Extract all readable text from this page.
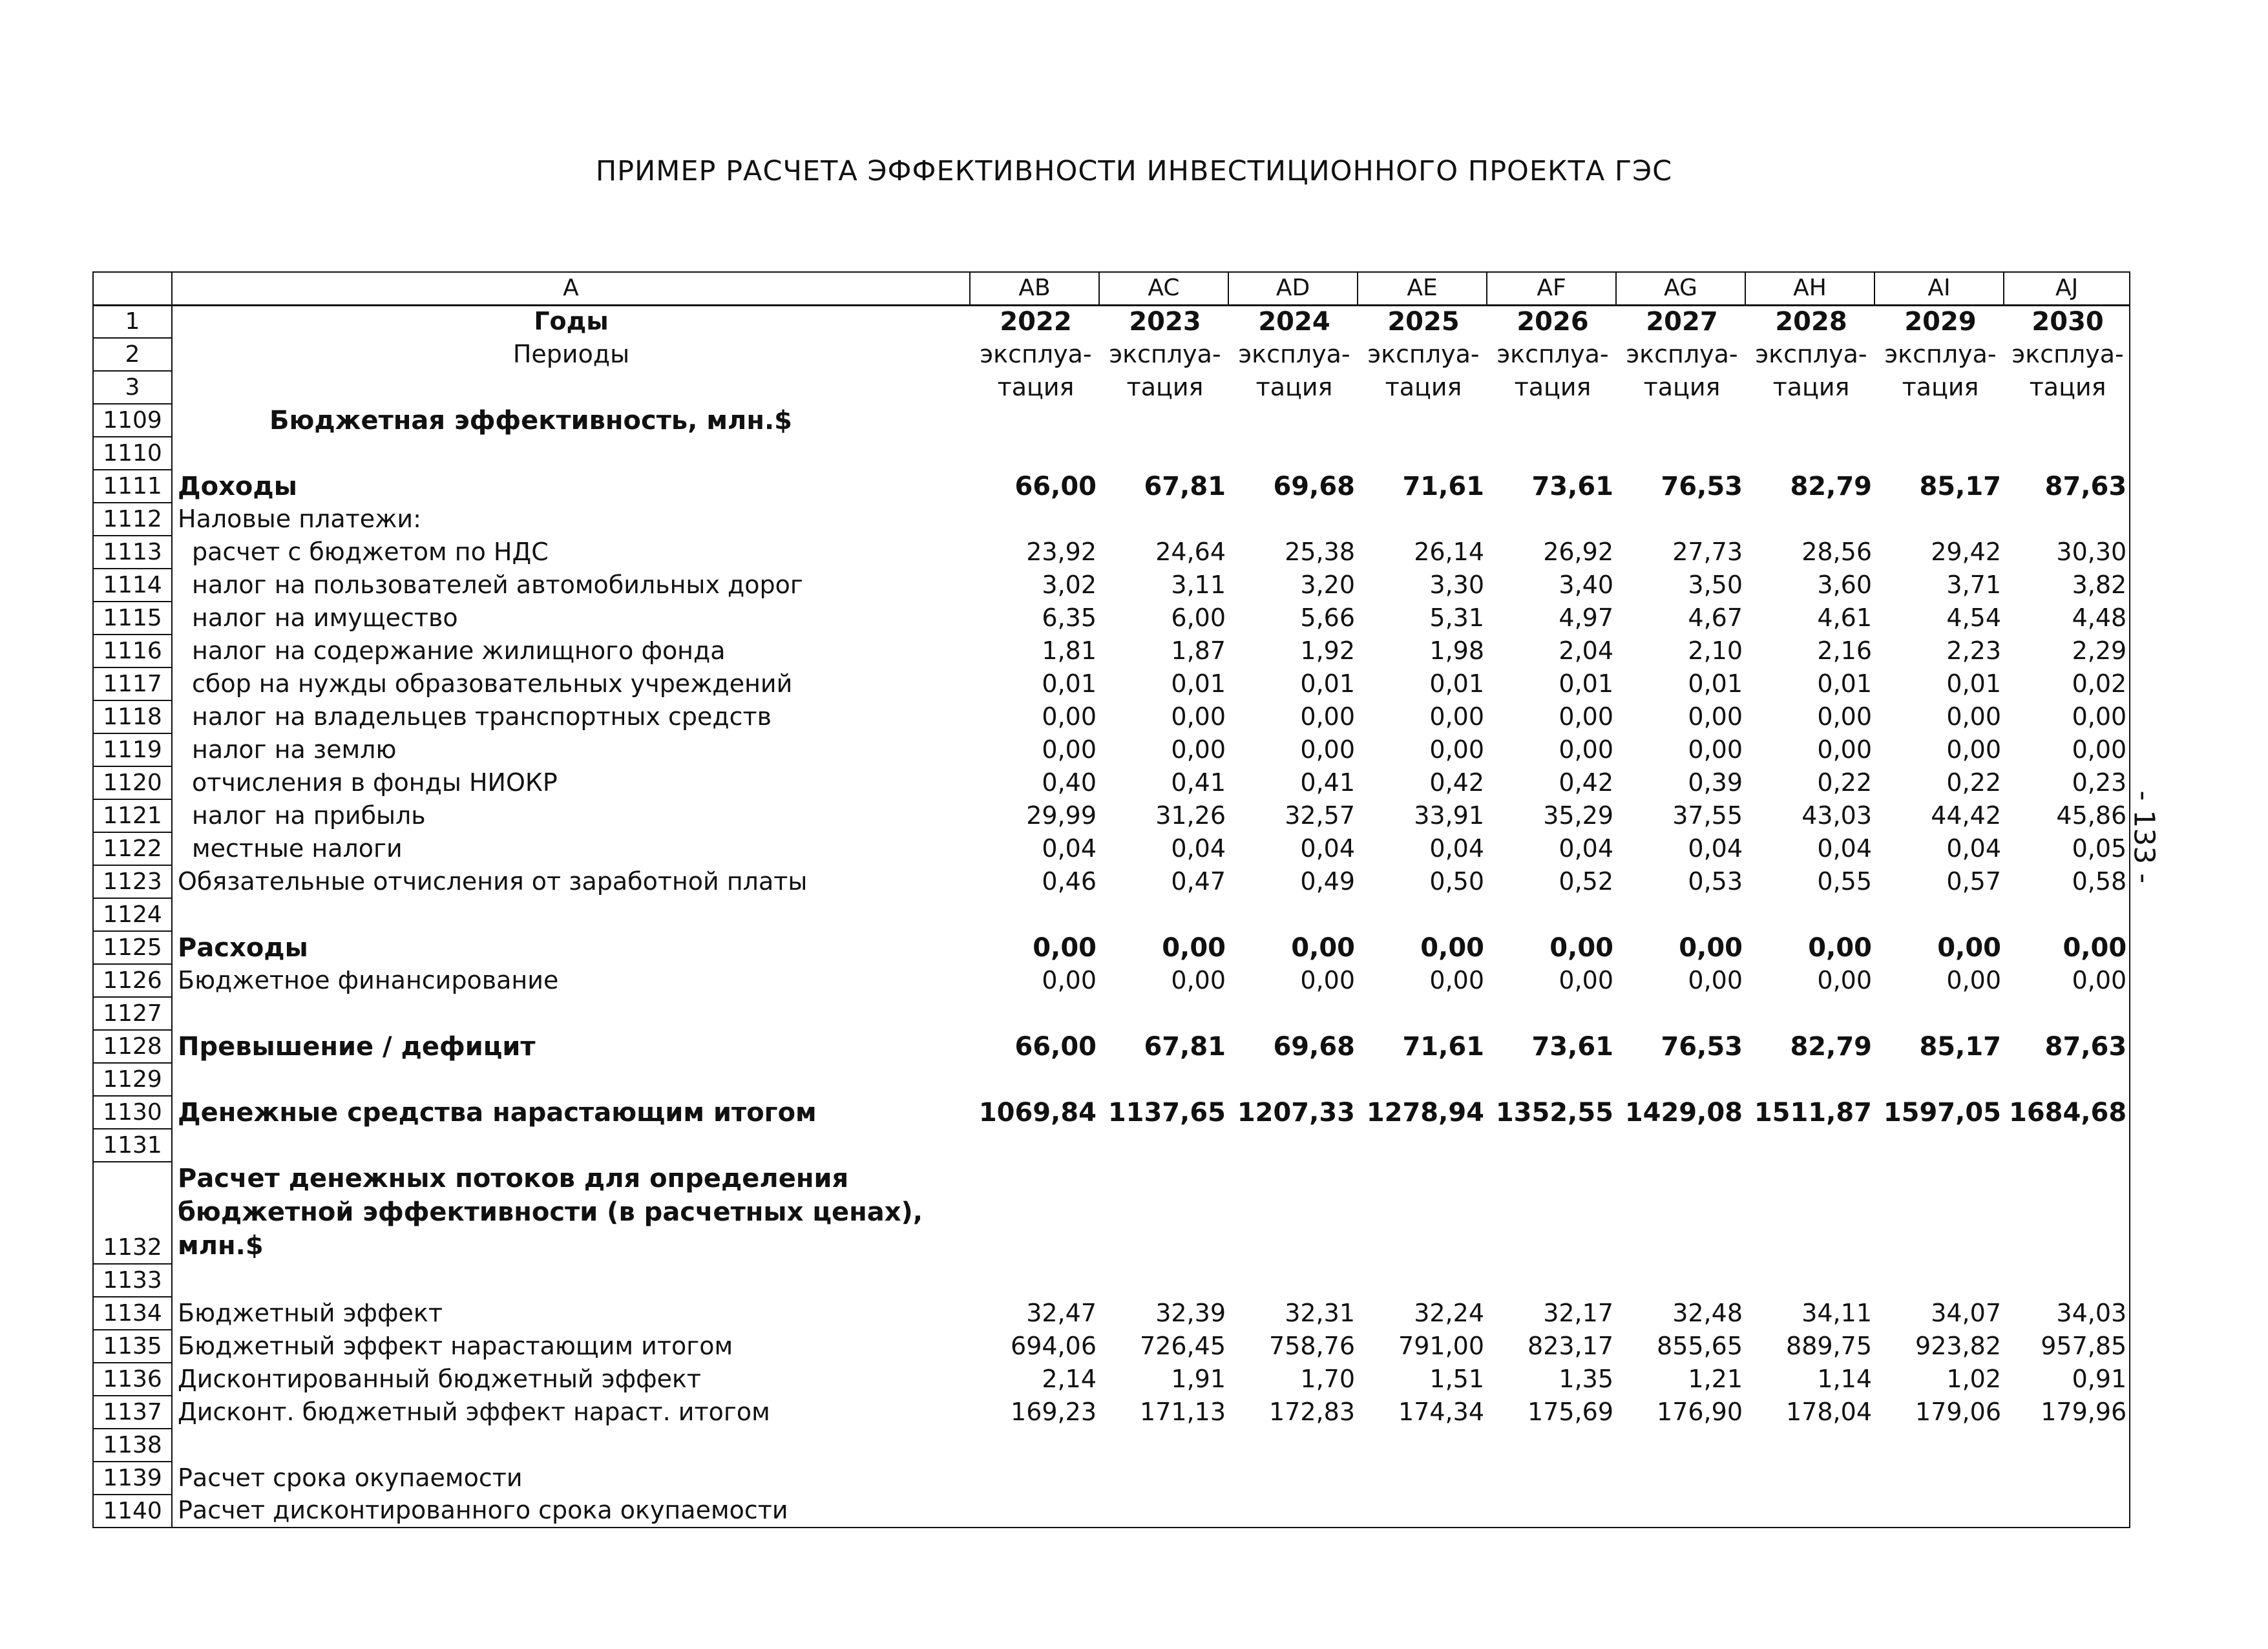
ПРИМЕР РАСЧЕТА ЭФФЕКТИВНОСТИ ИНВЕСТИЦИОННОГО ПРОЕКТА ГЭС
- 133 -
	A	AB	AC	AD	AE	AF	AG	AH	AI	AJ
1	Годы	2022	2023	2024	2025	2026	2027	2028	2029	2030
2	Периоды	эксплуа-	эксплуа-	эксплуа-	эксплуа-	эксплуа-	эксплуа-	эксплуа-	эксплуа-	эксплуа-
3		тация	тация	тация	тация	тация	тация	тация	тация	тация
1109	Бюджетная эффективность, млн.$									
1110										
1111	Доходы	66,00	67,81	69,68	71,61	73,61	76,53	82,79	85,17	87,63
1112	Наловые платежи:									
1113	расчет с бюджетом по НДС	23,92	24,64	25,38	26,14	26,92	27,73	28,56	29,42	30,30
1114	налог на пользователей автомобильных дорог	3,02	3,11	3,20	3,30	3,40	3,50	3,60	3,71	3,82
1115	налог на имущество	6,35	6,00	5,66	5,31	4,97	4,67	4,61	4,54	4,48
1116	налог на содержание жилищного фонда	1,81	1,87	1,92	1,98	2,04	2,10	2,16	2,23	2,29
1117	сбор на нужды образовательных учреждений	0,01	0,01	0,01	0,01	0,01	0,01	0,01	0,01	0,02
1118	налог на владельцев транспортных средств	0,00	0,00	0,00	0,00	0,00	0,00	0,00	0,00	0,00
1119	налог на землю	0,00	0,00	0,00	0,00	0,00	0,00	0,00	0,00	0,00
1120	отчисления в фонды НИОКР	0,40	0,41	0,41	0,42	0,42	0,39	0,22	0,22	0,23
1121	налог на прибыль	29,99	31,26	32,57	33,91	35,29	37,55	43,03	44,42	45,86
1122	местные налоги	0,04	0,04	0,04	0,04	0,04	0,04	0,04	0,04	0,05
1123	Обязательные отчисления от заработной платы	0,46	0,47	0,49	0,50	0,52	0,53	0,55	0,57	0,58
1124										
1125	Расходы	0,00	0,00	0,00	0,00	0,00	0,00	0,00	0,00	0,00
1126	Бюджетное финансирование	0,00	0,00	0,00	0,00	0,00	0,00	0,00	0,00	0,00
1127										
1128	Превышение / дефицит	66,00	67,81	69,68	71,61	73,61	76,53	82,79	85,17	87,63
1129										
1130	Денежные средства нарастающим итогом	1069,84	1137,65	1207,33	1278,94	1352,55	1429,08	1511,87	1597,05	1684,68
1131										
1132	Расчет денежных потоков для определения бюджетной эффективности (в расчетных ценах), млн.$									
1133										
1134	Бюджетный эффект	32,47	32,39	32,31	32,24	32,17	32,48	34,11	34,07	34,03
1135	Бюджетный эффект нарастающим итогом	694,06	726,45	758,76	791,00	823,17	855,65	889,75	923,82	957,85
1136	Дисконтированный бюджетный эффект	2,14	1,91	1,70	1,51	1,35	1,21	1,14	1,02	0,91
1137	Дисконт. бюджетный эффект нараст. итогом	169,23	171,13	172,83	174,34	175,69	176,90	178,04	179,06	179,96
1138										
1139	Расчет срока окупаемости									
1140	Расчет дисконтированного срока окупаемости									
